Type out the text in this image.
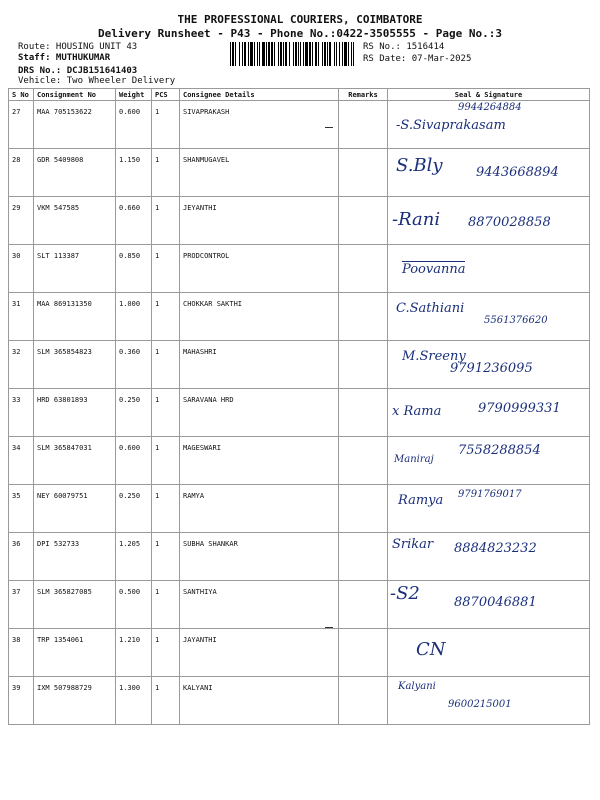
THE PROFESSIONAL COURIERS, COIMBATORE
Delivery Runsheet - P43 - Phone No.:0422-3505555 - Page No.:3
Route: HOUSING UNIT 43
Staff: MUTHUKUMAR
DRS No.: DCJB151641403
Vehicle: Two Wheeler Delivery
RS No.: 1516414
RS Date: 07-Mar-2025
S No	Consignment No	Weight	PCS	Consignee Details	Remarks	Seal & Signature
27	MAA 705153622	0.600	1	SIVAPRAKASH		9944264884
-S.Sivaprakasam

28	GDR 5409808	1.150	1	SHANMUGAVEL		S.Bly 9443668894

29	VKM 547585	0.660	1	JEYANTHI		-Rani 8870028858

30	SLT 113387	0.850	1	PRODCONTROL		Poovanna

31	MAA 869131350	1.000	1	CHOKKAR SAKTHI		C.Sathiani
5561376620

32	SLM 365854823	0.360	1	MAHASHRI		M.Sreeny
9791236095

33	HRD 63801893	0.250	1	SARAVANA HRD		x Rama 9790999331

34	SLM 365847031	0.600	1	MAGESWARI		Maniraj
7558288854

35	NEY 60079751	0.250	1	RAMYA		Ramya 9791769017

36	DPI 532733	1.205	1	SUBHA SHANKAR		Srikar 8884823232

37	SLM 365827085	0.500	1	SANTHIYA		-S2 8870046881

38	TRP 1354061	1.210	1	JAYANTHI		CN

39	IXM 507988729	1.300	1	KALYANI		Kalyani
9600215001
